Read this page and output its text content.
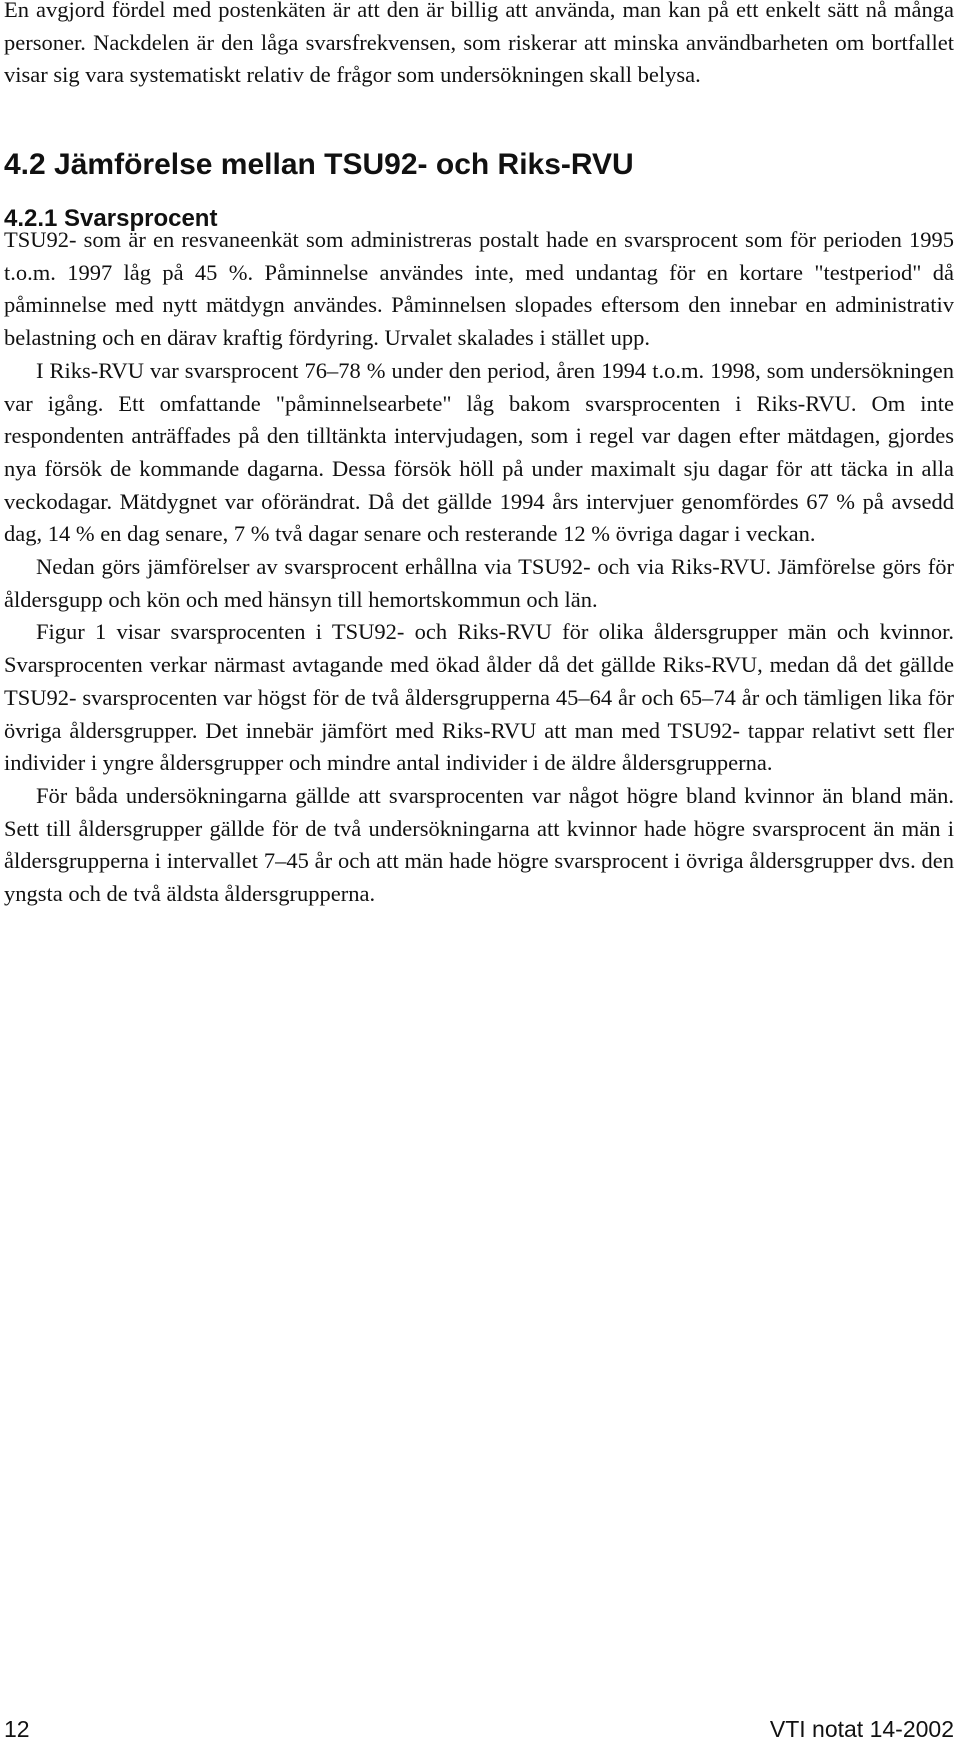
En avgjord fördel med postenkäten är att den är billig att använda, man kan på ett enkelt sätt nå många personer. Nackdelen är den låga svarsfrekvensen, som riskerar att minska användbarheten om bortfallet visar sig vara systematiskt relativ de frågor som undersökningen skall belysa.

4.2 Jämförelse mellan TSU92- och Riks-RVU
4.2.1 Svarsprocent

TSU92- som är en resvaneenkät som administreras postalt hade en svarsprocent som för perioden 1995 t.o.m. 1997 låg på 45 %. Påminnelse användes inte, med undantag för en kortare "testperiod" då påminnelse med nytt mätdygn användes. Påminnelsen slopades eftersom den innebar en administrativ belastning och en därav kraftig fördyring. Urvalet skalades i stället upp.

I Riks-RVU var svarsprocent 76–78 % under den period, åren 1994 t.o.m. 1998, som undersökningen var igång. Ett omfattande "påminnelsearbete" låg bakom svarsprocenten i Riks-RVU. Om inte respondenten anträffades på den tilltänkta intervjudagen, som i regel var dagen efter mätdagen, gjordes nya försök de kommande dagarna. Dessa försök höll på under maximalt sju dagar för att täcka in alla veckodagar. Mätdygnet var oförändrat. Då det gällde 1994 års intervjuer genomfördes 67 % på avsedd dag, 14 % en dag senare, 7 % två dagar senare och resterande 12 % övriga dagar i veckan.

Nedan görs jämförelser av svarsprocent erhållna via TSU92- och via Riks-RVU. Jämförelse görs för åldersgupp och kön och med hänsyn till hemortskommun och län.

Figur 1 visar svarsprocenten i TSU92- och Riks-RVU för olika åldersgrupper män och kvinnor. Svarsprocenten verkar närmast avtagande med ökad ålder då det gällde Riks-RVU, medan då det gällde TSU92- svarsprocenten var högst för de två åldersgrupperna 45–64 år och 65–74 år och tämligen lika för övriga åldersgrupper. Det innebär jämfört med Riks-RVU att man med TSU92- tappar relativt sett fler individer i yngre åldersgrupper och mindre antal individer i de äldre åldersgrupperna.

För båda undersökningarna gällde att svarsprocenten var något högre bland kvinnor än bland män. Sett till åldersgrupper gällde för de två undersökningarna att kvinnor hade högre svarsprocent än män i åldersgrupperna i intervallet 7–45 år och att män hade högre svarsprocent i övriga åldersgrupper dvs. den yngsta och de två äldsta åldersgrupperna.

12	VTI notat 14-2002
